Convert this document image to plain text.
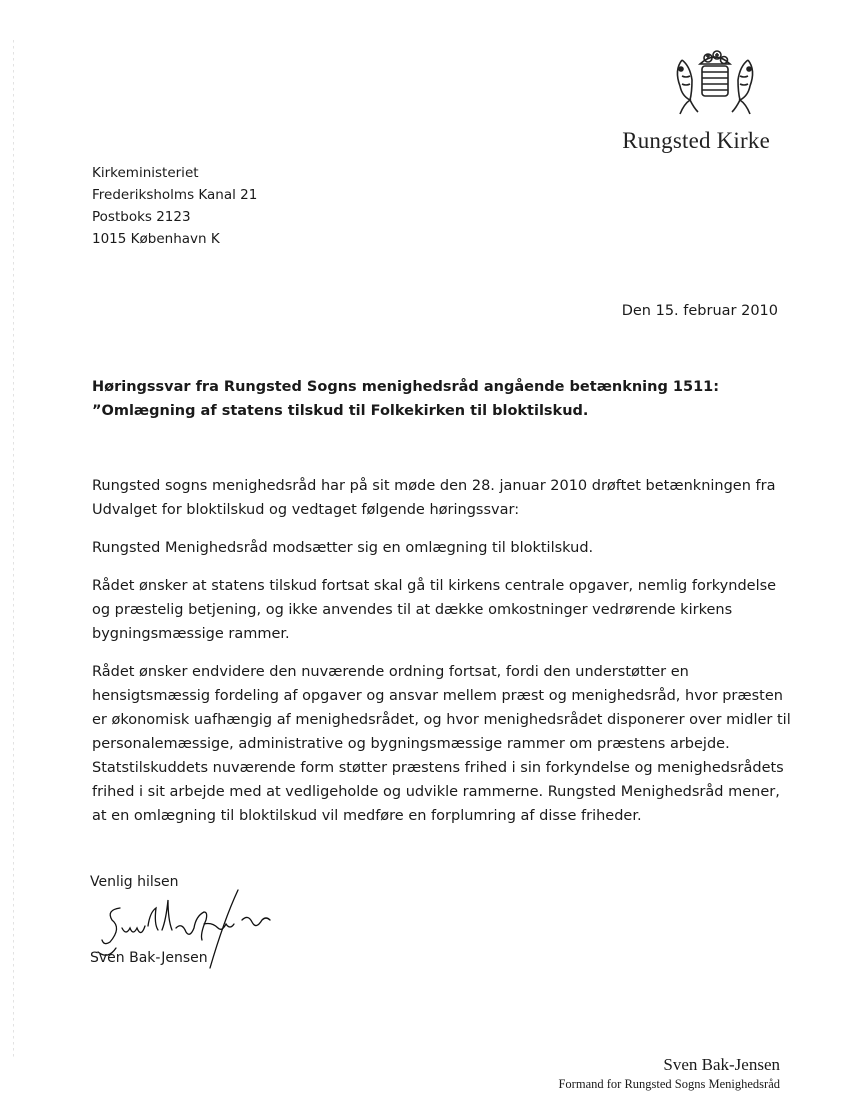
Rungsted Kirke
Kirkeministeriet
Frederiksholms Kanal 21
Postboks 2123
1015 København K
Den 15. februar 2010
Høringssvar fra Rungsted Sogns menighedsråd angående betænkning 1511: ”Omlægning af statens tilskud til Folkekirken til bloktilskud.

Rungsted sogns menighedsråd har på sit møde den 28. januar 2010 drøftet betænkningen fra Udvalget for bloktilskud og vedtaget følgende høringssvar:

Rungsted Menighedsråd modsætter sig en omlægning til bloktilskud.

Rådet ønsker at statens tilskud fortsat skal gå til kirkens centrale opgaver, nemlig forkyndelse og præstelig betjening, og ikke anvendes til at dække omkostninger vedrørende kirkens bygningsmæssige rammer.

Rådet ønsker endvidere den nuværende ordning fortsat, fordi den understøtter en hensigtsmæssig fordeling af opgaver og ansvar mellem præst og menighedsråd, hvor præsten er økonomisk uafhængig af menighedsrådet, og hvor menighedsrådet disponerer over midler til personalemæssige, administrative og bygningsmæssige rammer om præstens arbejde. Statstilskuddets nuværende form støtter præstens frihed i sin forkyndelse og menighedsrådets frihed i sit arbejde med at vedligeholde og udvikle rammerne. Rungsted Menighedsråd mener, at en omlægning til bloktilskud vil medføre en forplumring af disse friheder.

Venlig hilsen
Sven Bak-Jensen
Sven Bak-Jensen
Formand for Rungsted Sogns Menighedsråd
